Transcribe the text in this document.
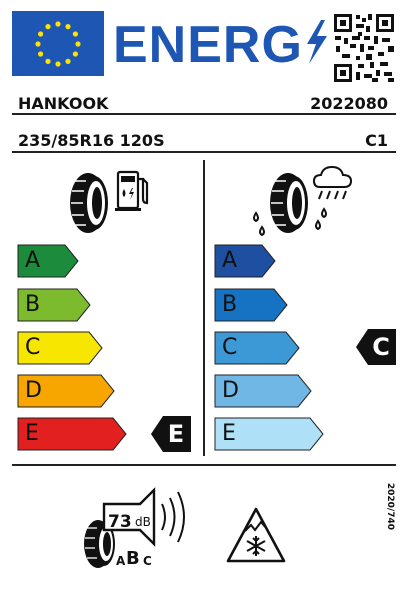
ENERG
HANKOOK	2022080
235/85R16 120S	C1
A
B
C
D
E
A
B
C
D
E
E
C
73 dB
A B C
2020/740
